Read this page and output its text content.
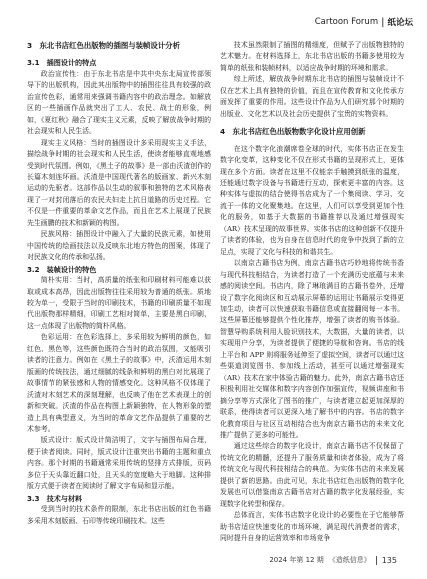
Cartoon Forum | 纸论坛
3　东北书店红色出版物的插图与装帧设计分析
3.1　插图设计的特点

政治宣传性：由于东北书店是中共中央东北局宣传部领导下的出版机构，因此其出版物中的插图往往具有较强的政治宣传色彩，通常用来强调书籍内容中的政治理念。如解放区的一些插画作品就突出了工人、农民、战士的形象，例如，《夏红秋》融合了现实主义元素，反映了解放战争时期的社会现实和人民生活。

现实主义风格：当时的插图设计多采用现实主义手法，描绘战争时期的社会现实和人民生活，使读者能够直观地感受到时代氛围。例如，《黑土子的故事》是一部由沃渣创作的长篇木刻连环画。沃渣是中国现代著名的版画家、新兴木刻运动的先驱者。这部作品以生动的叙事和独特的艺术风格表现了一对封闭落后的农民夫妇走上抗日道路的历史过程。它不仅是一件重要的革命文艺作品，而且在艺术上展现了民族先生画鹏的技术和新颖的构图。

民族风格：插图设计中融入了大量的民族元素，如使用中国传统的绘画技法以及反映东北地方特色的图案，体现了对民族文化的传承和弘扬。

3.2　装帧设计的特色

简朴实用：当时，高质量的纸张和印刷材料可能难以获取或成本高昂，因此出版物往往采用较为普通的纸张。质地较为单一，受限于当时的印刷技术，书籍的印刷质量不如现代出版物那样精细，印刷工艺相对简单，主要是黑白印刷，这一点体现了出版物的简朴风格。

色彩运用：在色彩选择上，多采用较为鲜明的颜色，如红色、黑色等，这些颜色既符合当时的政治氛围，又能吸引读者的注意力。例如在《黑土子的故事》中，沃渣运用木刻版画的传统技法，通过细腻的线条和鲜明的黑白对比展现了故事情节的紧张感和人物的情感变化。这种风格不仅体现了沃渣对木刻艺术的深刻理解，也反映了他在艺术表现上的创新和突破。沃渣的作品在构图上新颖独特，在人物形象的塑造上具有典型意义，为当时的革命文艺作品提供了重要的艺术参考。

版式设计：版式设计简洁明了，文字与插图布局合理，便于读者阅读。同时，版式设计注重突出书籍的主题和重点内容。那个时期的书籍通常采用传统的竖排方式排版，页码多位于天头靠近翻口处，且天头的宽度略大于地脚。这种排版方式便于读者在阅读时了解文字布局和显示能。

3.3　技术与材料

受到当时的技术条件的限制，东北书店出版的红色书籍多采用木刻版画、石印等传统印刷技术。这些

技术虽然限制了插图的精细度，但赋予了出版物独特的艺术魅力。在材料选择上，东北书店出版的书籍多使用较为简单的纸张和装帧材料，以适应战争时期的环境和需求。

综上所述，解放战争时期东北书店的插图与装帧设计不仅在艺术上具有独特的价值，而且在宣传教育和文化传承方面发挥了重要的作用。这些设计作品为人们研究那个时期的出版业、文化艺术以及社会历史提供了宝贵的实物资料。

4　东北书店红色出版物数字化设计应用创新

在这个数字化浪潮席卷全球的时代，实体书店正在发生数字化变革，这种变化不仅在形式书籍的呈现形式上，更体现在多个方面。读者在这里不仅能亲手触摸到纸张的温度，还能通过数字设备与书籍进行互动，探索更丰富的内容。这种实体与虚拟的结合使得书店成为了一个集阅读、学习、交流于一体的文化聚集地。在这里，人们可以享受到更加个性化的服务，如基于大数据的书籍推荐以及通过增强现实（AR）技术呈现的故事世界。实体书店的这种创新不仅提升了读者的体验，也为自身在信息时代的竞争中找到了新的立足点，实现了文化与科技的和谐共生。

以南京古籍书店为例，南京古籍书店巧妙地将传统书香与现代科技相结合，为读者打造了一个充满历史底蕴与未来感的阅读空间。书店内，除了琳琅满目的古籍书卷外，还增设了数字化阅读区和互动展示屏幕的运用让书籍展示变得更加生动，读者可以快速获取书籍信息或直接翻阅每一本书。这些屏幕还能够提供个性化推荐，增强了读者的购书体验。智慧导购系统利用人脸识别技术，大数据，大量的读者，以实现用户分享，为读者提供了便捷的导航和咨询。书店的线上平台和 APP 则将服务延伸至了虚拟空间，读者可以通过这些渠道浏览图书、参加线上活动，甚至可以通过增强现实（AR）技术在家中体验古籍的魅力。此外，南京古籍书店还积极利用社交媒体和数字内容创作加强宣传，视频讲座和书摘分享等方式深化了图书的推广，与读者建立起更加深厚的联系，使得读者可以更深入地了解书中的内容。书店的数字化教育项目与社区互动相结合也为南京古籍书店的未来文化推广提供了更多的可能性。

通过这些综合的数字化设计，南京古籍书店不仅保留了传统文化的精髓，还提升了服务质量和读者体验，成为了将传统文化与现代科技相结合的典范。为实体书店的未来发展提供了新的思路。由此可见，东北书店红色出版物的数字化发展也可以借鉴南京古籍书店对古籍的数字化发展经验，实现数字化转型和保存。

总体而言，实体书店数字化设计的必要性在于它能够帮助书店适应快速变化的市场环境，满足现代消费者的需求，同时提升自身的运营效率和市场竞争

2024 年第 12 期 《造纸信息》 135
